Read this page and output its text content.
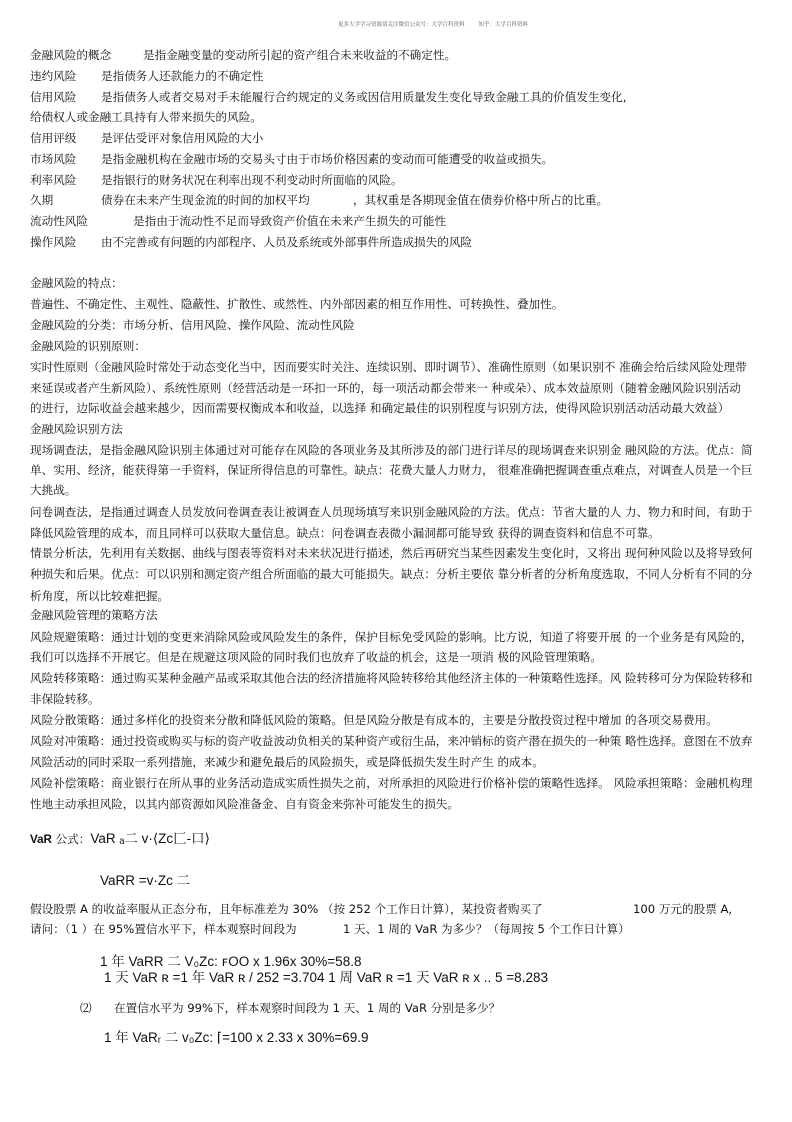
更多大学学习资源请关注微信公众号：大学百科资料	知乎：大学百科资料
金融风险的概念	是指金融变量的变动所引起的资产组合未来收益的不确定性。
违约风险 是指债务人还款能力的不确定性
信用风险 是指债务人或者交易对手未能履行合约规定的义务或因信用质量发生变化导致金融工具的价值发生变化,
给债权人或金融工具持有人带来损失的风险。
信用评级 是评估受评对象信用风险的大小
市场风险 是指金融机构在金融市场的交易头寸由于市场价格因素的变动而可能遭受的收益或损失。
利率风险 是指银行的财务状况在利率出现不利变动时所面临的风险。
久期	债券在未来产生现金流的时间的加权平均	，其权重是各期现金值在债券价格中所占的比重。
流动性风险	是指由于流动性不足而导致资产价值在未来产生损失的可能性
操作风险 由不完善或有问题的内部程序、人员及系统或外部事件所造成损失的风险
金融风险的特点：
普遍性、不确定性、主观性、隐蔽性、扩散性、或然性、内外部因素的相互作用性、可转换性、叠加性。
金融风险的分类：市场分析、信用风险、操作风险、流动性风险
金融风险的识别原则：
实时性原则（金融风险时常处于动态变化当中，因而要实时关注、连续识别、即时调节）、准确性原则（如果识别不 准确会给后续风险处理带
来延误或者产生新风险）、系统性原则（经营活动是一环扣一环的，每一项活动都会带来一 种或朵）、成本效益原则（随着金融风险识别活动
的进行，边际收益会越来越少，因而需要权衡成本和收益，以选择 和确定最佳的识别程度与识别方法，使得风险识别活动活动最大效益）
金融风险识别方法
现场调查法，是指金融风险识别主体通过对可能存在风险的各项业务及其所涉及的部门进行详尽的现场调查来识别金 融风险的方法。优点：简
单、实用、经济，能获得第一手资料，保证所得信息的可靠性。缺点：花费大量人力财力， 很难准确把握调查重点难点，对调查人员是一个巨
大挑战。
问卷调查法，是指通过调查人员发放问卷调查表让被调查人员现场填写来识别金融风险的方法。优点：节省大量的人 力、物力和时间，有助于
降低风险管理的成本，而且同样可以获取大量信息。缺点：问卷调查表微小漏洞都可能导致 获得的调查资料和信息不可靠。
情景分析法，先利用有关数据、曲线与图表等资料对未来状况进行描述，然后再研究当某些因素发生变化时，又将出 现何种风险以及将导致何
种损失和后果。优点：可以识别和测定资产组合所面临的最大可能损失。缺点：分析主要依 靠分析者的分析角度选取，不同人分析有不同的分
析角度，所以比较难把握。
金融风险管理的策略方法
风险规避策略：通过计划的变更来消除风险或风险发生的条件，保护目标免受风险的影响。比方说，知道了将要开展 的一个业务是有风险的，
我们可以选择不开展它。但是在规避这项风险的同时我们也放弃了收益的机会，这是一项消 极的风险管理策略。
风险转移策略：通过购买某种金融产品或采取其他合法的经济措施将风险转移给其他经济主体的一种策略性选择。风 险转移可分为保险转移和
非保险转移。
风险分散策略：通过多样化的投资来分散和降低风险的策略。但是风险分散是有成本的，主要是分散投资过程中增加 的各项交易费用。
风险对冲策略：通过投资或购买与标的资产收益波动负相关的某种资产或衍生品，来冲销标的资产潜在损失的一种策 略性选择。意图在不放弃
风险活动的同时采取一系列措施，来减少和避免最后的风险损失，或是降低损失发生时产生 的成本。
风险补偿策略：商业银行在所从事的业务活动造成实质性损失之前，对所承担的风险进行价格补偿的策略性选择。 风险承担策略：金融机构理
性地主动承担风险，以其内部资源如风险准备金、自有资金来弥补可能发生的损失。
VaR 公式：VaR ₐ二 v·⟨Zc匚-口⟩
VaRR =v·Zc 二
假设股票 A 的收益率服从正态分布，且年标准差为 30% （按 252 个工作日计算），某投资者购买了	100 万元的股票 A,
请问：（1 ）在 95%置信水平下，样本观察时间段为	1 天、1 周的 VaR 为多少？（每周按 5 个工作日计算）
1 年 VaRR 二 V₀Zc: ꜰOO x 1.96x 30%=58.8
1 天 VaR ʀ =1 年 VaR ʀ / 252 =3.704 1 周 VaR ʀ =1 天 VaR ʀ x .. 5 =8.283
⑵ 在置信水平为 99%下，样本观察时间段为 1 天、1 周的 VaR 分别是多少？
1 年 VaRᵣ 二 v₀Zc: ⌈=100 x 2.33 x 30%=69.9
